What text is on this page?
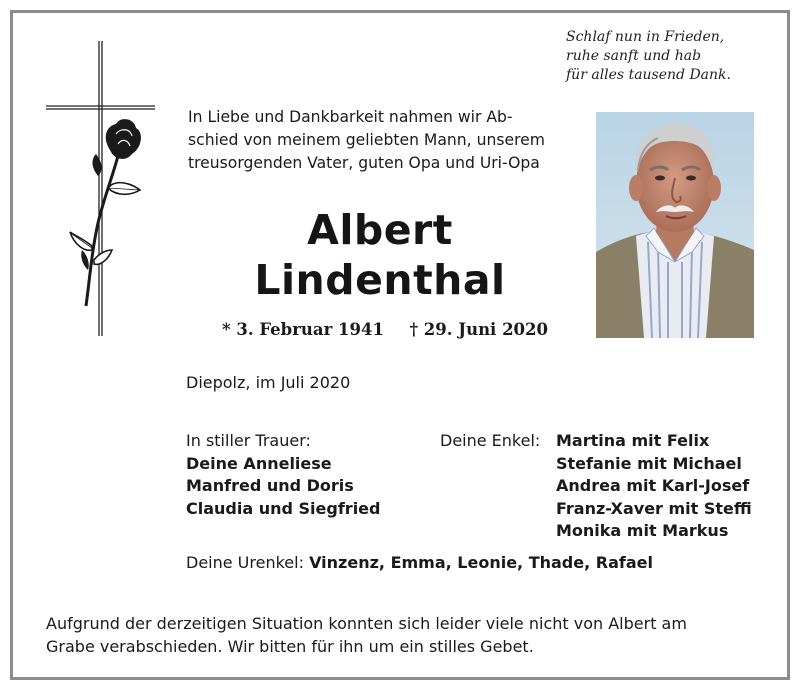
Schlaf nun in Frieden,
ruhe sanft und hab
für alles tausend Dank.
In Liebe und Dankbarkeit nahmen wir Ab-
schied von meinem geliebten Mann, unserem
treusorgenden Vater, guten Opa und Uri-Opa
Albert
Lindenthal
* 3. Februar 1941 † 29. Juni 2020
Diepolz, im Juli 2020
In stiller Trauer:
Deine Anneliese
Manfred und Doris
Claudia und Siegfried
Deine Enkel: Martina mit Felix
Stefanie mit Michael
Andrea mit Karl-Josef
Franz-Xaver mit Steffi
Monika mit Markus
Deine Urenkel: Vinzenz, Emma, Leonie, Thade, Rafael
Aufgrund der derzeitigen Situation konnten sich leider viele nicht von Albert am
Grabe verabschieden. Wir bitten für ihn um ein stilles Gebet.
